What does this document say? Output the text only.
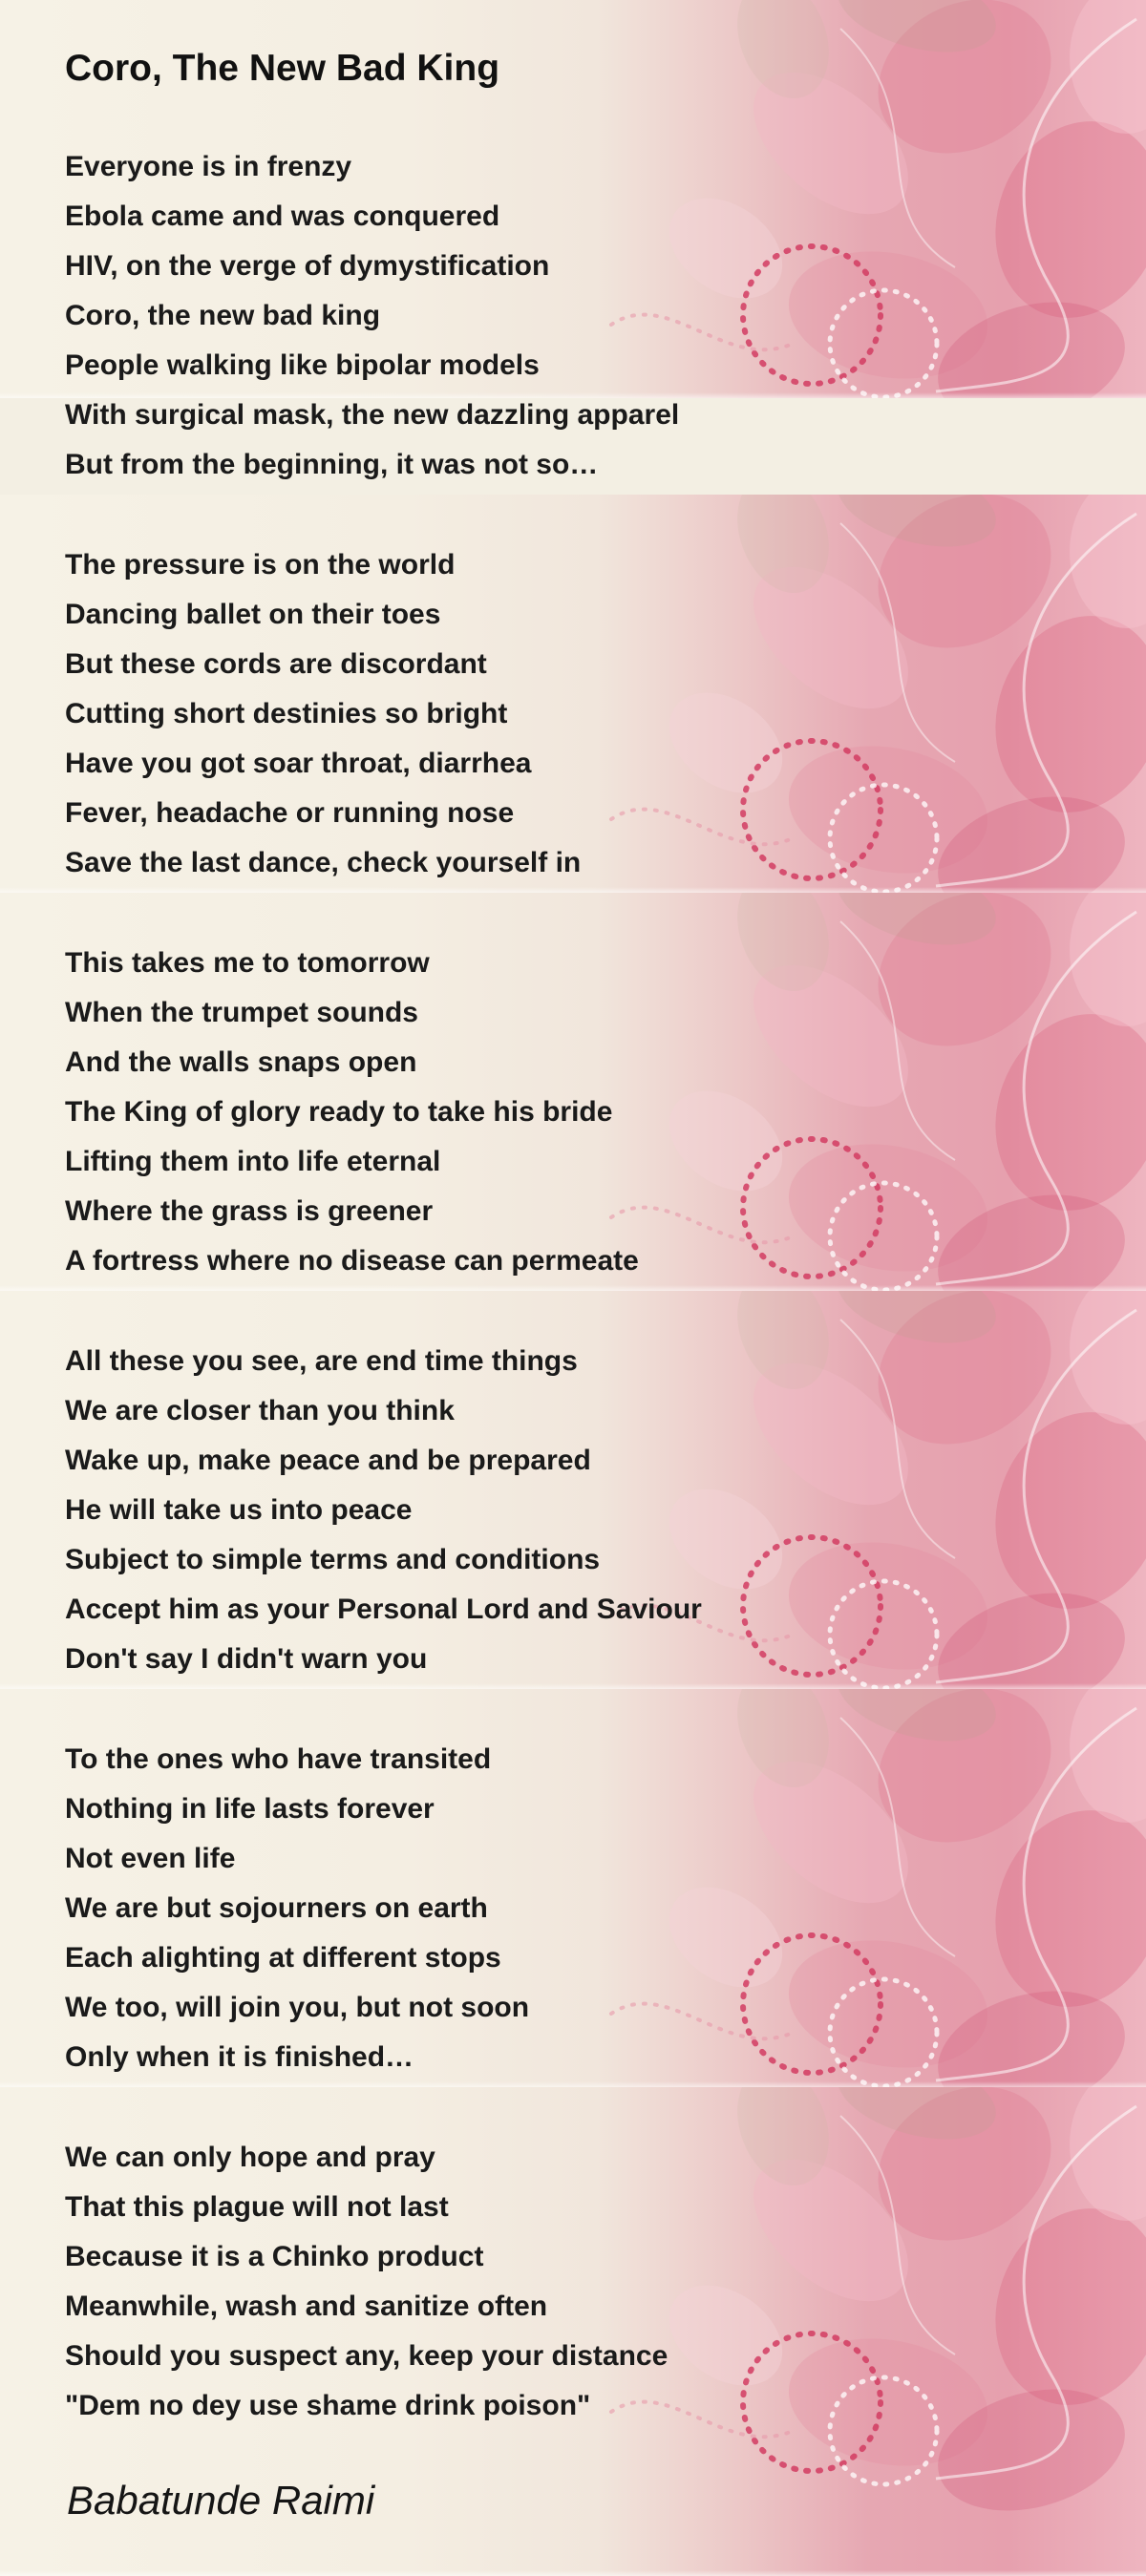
Coro, The New Bad King
Everyone is in frenzy
Ebola came and was conquered
HIV, on the verge of dymystification
Coro, the new bad king
People walking like bipolar models
With surgical mask, the new dazzling apparel
But from the beginning, it was not so…
The pressure is on the world
Dancing ballet on their toes
But these cords are discordant
Cutting short destinies so bright
Have you got soar throat, diarrhea
Fever, headache or running nose
Save the last dance, check yourself in
This takes me to tomorrow
When the trumpet sounds
And the walls snaps open
The King of glory ready to take his bride
Lifting them into life eternal
Where the grass is greener
A fortress where no disease can permeate
All these you see, are end time things
We are closer than you think
Wake up, make peace and be prepared
He will take us into peace
Subject to simple terms and conditions
Accept him as your Personal Lord and Saviour
Don't say I didn't warn you
To the ones who have transited
Nothing in life lasts forever
Not even life
We are but sojourners on earth
Each alighting at different stops
We too, will join you, but not soon
Only when it is finished…
We can only hope and pray
That this plague will not last
Because it is a Chinko product
Meanwhile, wash and sanitize often
Should you suspect any, keep your distance
"Dem no dey use shame drink poison"
Babatunde Raimi
